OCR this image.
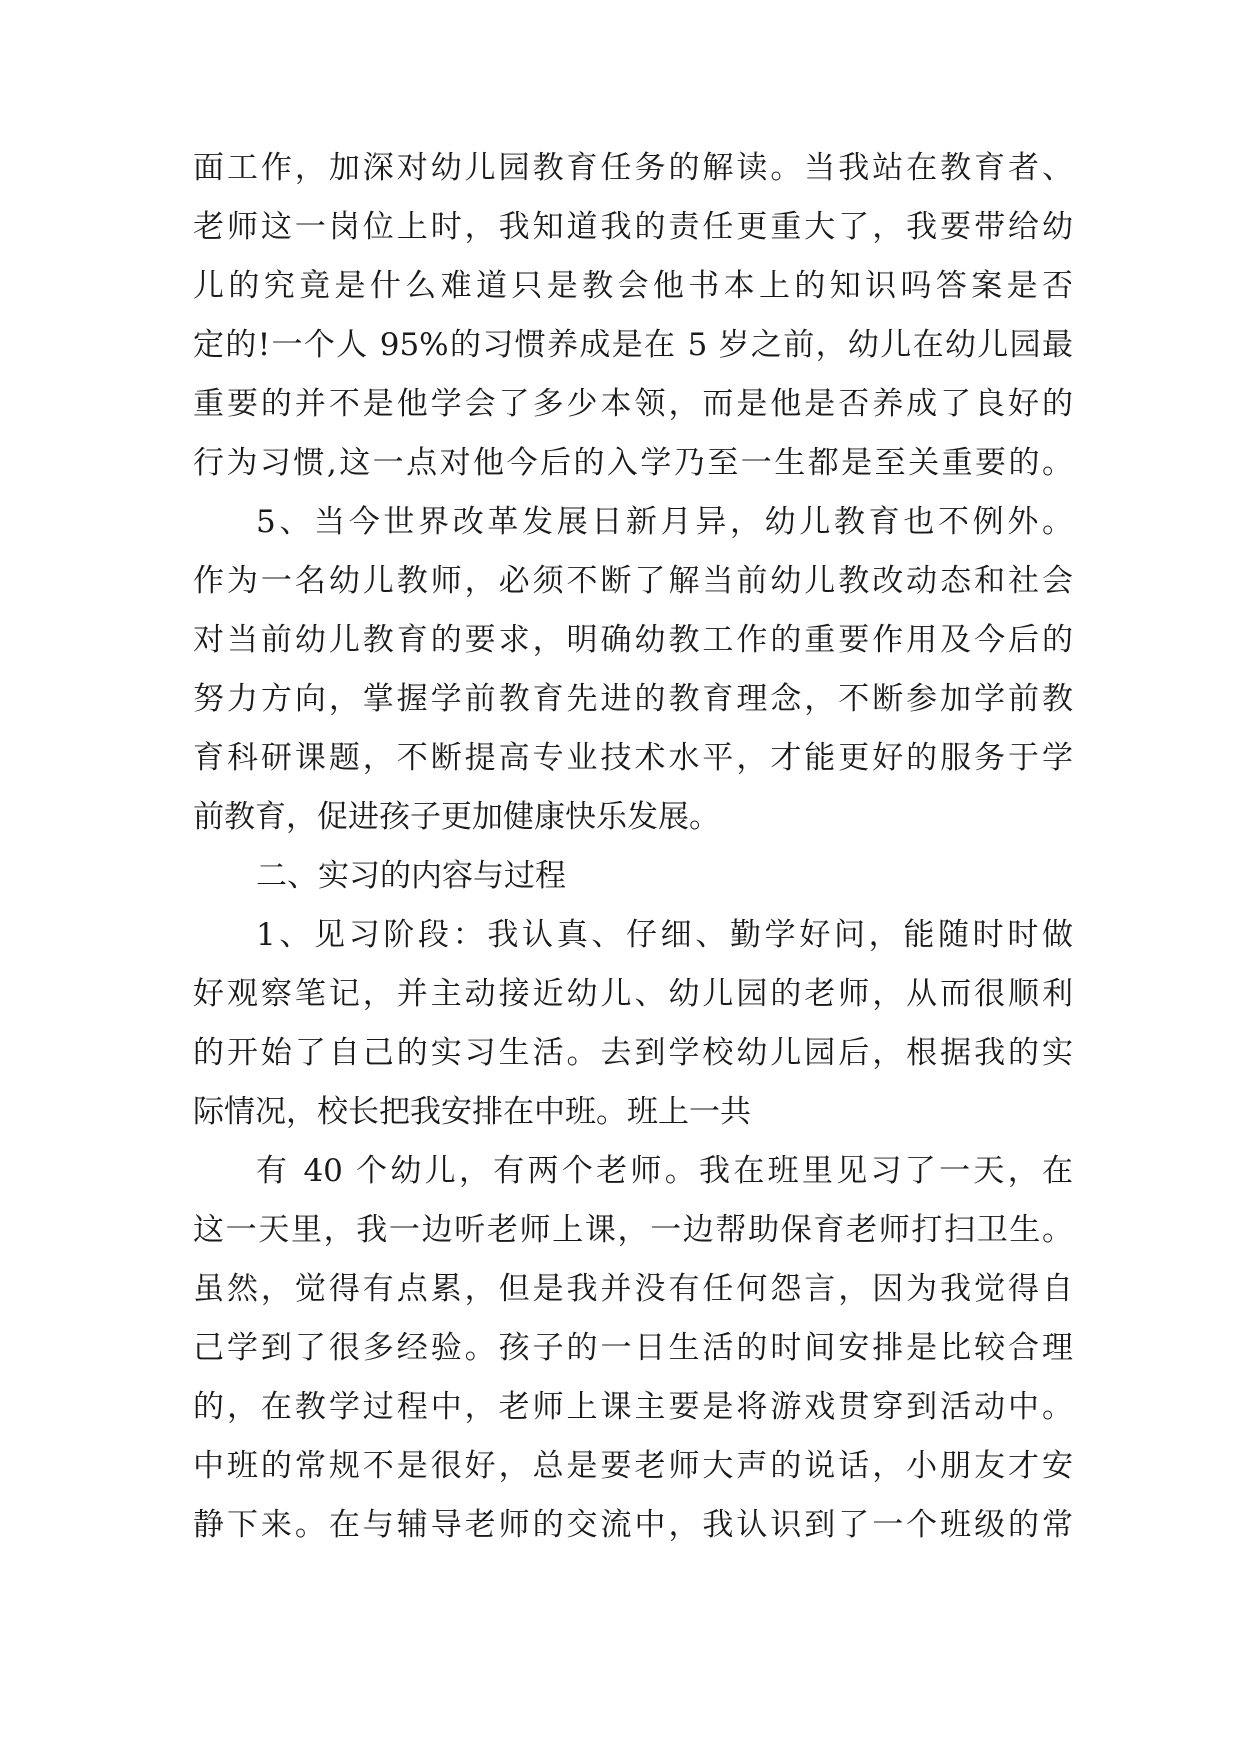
面工作，加深对幼儿园教育任务的解读。当我站在教育者、
老师这一岗位上时，我知道我的责任更重大了，我要带给幼
儿的究竟是什么难道只是教会他书本上的知识吗答案是否
定的!一个人 95%的习惯养成是在 5 岁之前，幼儿在幼儿园最
重要的并不是他学会了多少本领，而是他是否养成了良好的
行为习惯,这一点对他今后的入学乃至一生都是至关重要的。
5、当今世界改革发展日新月异，幼儿教育也不例外。
作为一名幼儿教师，必须不断了解当前幼儿教改动态和社会
对当前幼儿教育的要求，明确幼教工作的重要作用及今后的
努力方向，掌握学前教育先进的教育理念，不断参加学前教
育科研课题，不断提高专业技术水平，才能更好的服务于学
前教育，促进孩子更加健康快乐发展。
二、实习的内容与过程
1、见习阶段：我认真、仔细、勤学好问，能随时时做
好观察笔记，并主动接近幼儿、幼儿园的老师，从而很顺利
的开始了自己的实习生活。去到学校幼儿园后，根据我的实
际情况，校长把我安排在中班。班上一共
有 40 个幼儿，有两个老师。我在班里见习了一天，在
这一天里，我一边听老师上课，一边帮助保育老师打扫卫生。
虽然，觉得有点累，但是我并没有任何怨言，因为我觉得自
己学到了很多经验。孩子的一日生活的时间安排是比较合理
的，在教学过程中，老师上课主要是将游戏贯穿到活动中。
中班的常规不是很好，总是要老师大声的说话，小朋友才安
静下来。在与辅导老师的交流中，我认识到了一个班级的常
